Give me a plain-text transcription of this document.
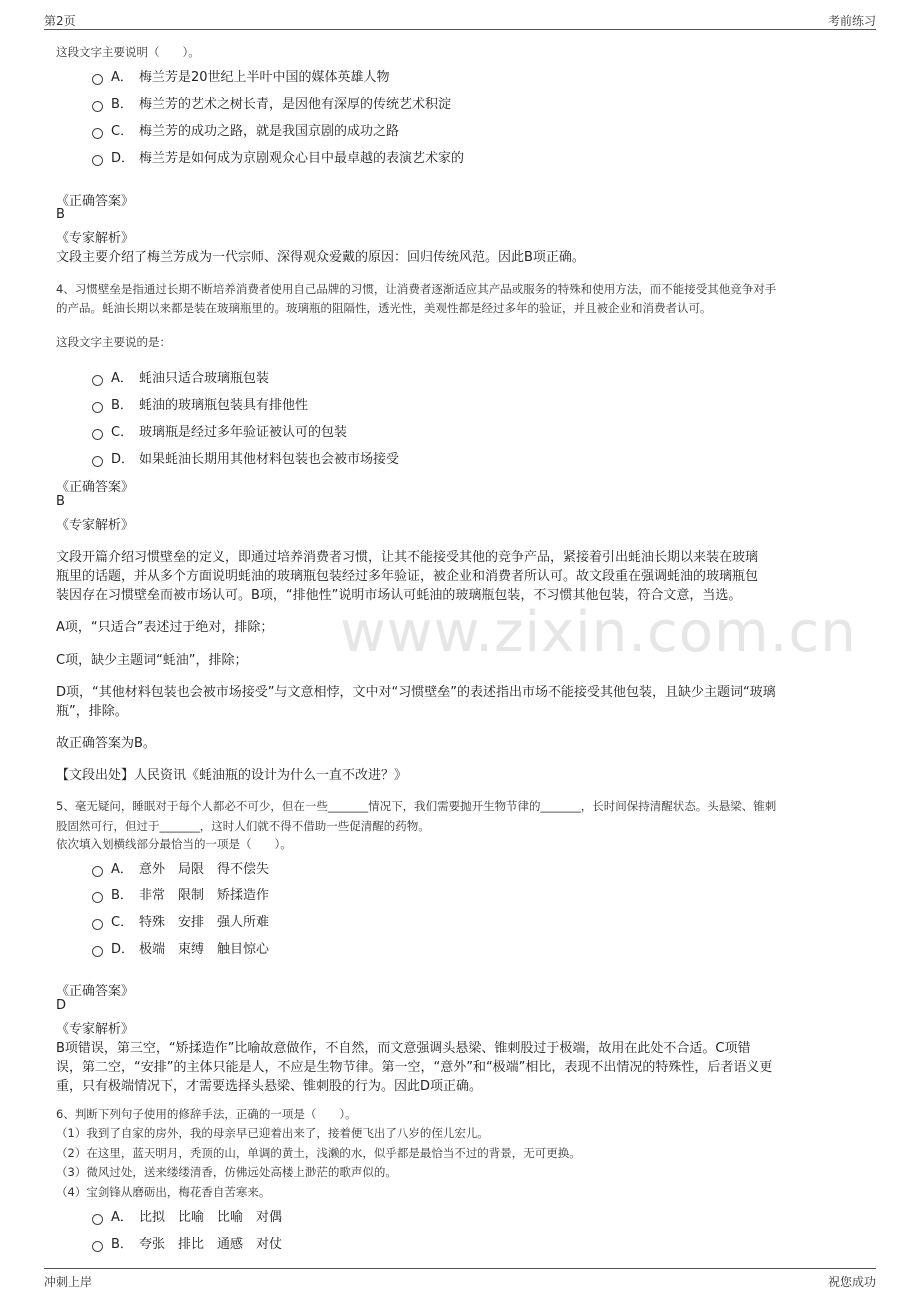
第2页	考前练习
www.zixin.com.cn
这段文字主要说明（　　）。
A． 梅兰芳是20世纪上半叶中国的媒体英雄人物
B． 梅兰芳的艺术之树长青，是因他有深厚的传统艺术积淀
C． 梅兰芳的成功之路，就是我国京剧的成功之路
D． 梅兰芳是如何成为京剧观众心目中最卓越的表演艺术家的
《正确答案》
B
《专家解析》
文段主要介绍了梅兰芳成为一代宗师、深得观众爱戴的原因：回归传统风范。因此B项正确。
4、习惯壁垒是指通过长期不断培养消费者使用自己品牌的习惯，让消费者逐渐适应其产品或服务的特殊和使用方法，而不能接受其他竞争对手
的产品。蚝油长期以来都是装在玻璃瓶里的。玻璃瓶的阻隔性，透光性，美观性都是经过多年的验证，并且被企业和消费者认可。
这段文字主要说的是：
A． 蚝油只适合玻璃瓶包装
B． 蚝油的玻璃瓶包装具有排他性
C． 玻璃瓶是经过多年验证被认可的包装
D． 如果蚝油长期用其他材料包装也会被市场接受
《正确答案》
B
《专家解析》
文段开篇介绍习惯壁垒的定义，即通过培养消费者习惯，让其不能接受其他的竞争产品，紧接着引出蚝油长期以来装在玻璃
瓶里的话题，并从多个方面说明蚝油的玻璃瓶包装经过多年验证，被企业和消费者所认可。故文段重在强调蚝油的玻璃瓶包
装因存在习惯壁垒而被市场认可。B项，“排他性”说明市场认可蚝油的玻璃瓶包装，不习惯其他包装，符合文意，当选。
A项，“只适合”表述过于绝对，排除；
C项，缺少主题词“蚝油”，排除；
D项，“其他材料包装也会被市场接受”与文意相悖，文中对“习惯壁垒”的表述指出市场不能接受其他包装，且缺少主题词“玻璃
瓶”，排除。
故正确答案为B。
【文段出处】人民资讯《蚝油瓶的设计为什么一直不改进？》
5、毫无疑问，睡眠对于每个人都必不可少，但在一些_______情况下，我们需要抛开生物节律的_______，长时间保持清醒状态。头悬梁、锥刺
股固然可行，但过于_______，这时人们就不得不借助一些促清醒的药物。
依次填入划横线部分最恰当的一项是（　　）。
A． 意外　局限　得不偿失
B． 非常　限制　矫揉造作
C． 特殊　安排　强人所难
D． 极端　束缚　触目惊心
《正确答案》
D
《专家解析》
B项错误，第三空，“矫揉造作”比喻故意做作，不自然，而文意强调头悬梁、锥刺股过于极端，故用在此处不合适。C项错
误，第二空，“安排”的主体只能是人，不应是生物节律。第一空，“意外”和“极端”相比，表现不出情况的特殊性，后者语义更
重，只有极端情况下，才需要选择头悬梁、锥刺股的行为。因此D项正确。
6、判断下列句子使用的修辞手法，正确的一项是（　　）。
（1）我到了自家的房外，我的母亲早已迎着出来了，接着便飞出了八岁的侄儿宏儿。
（2）在这里，蓝天明月，秃顶的山，单调的黄土，浅濑的水，似乎都是最恰当不过的背景，无可更换。
（3）微风过处，送来缕缕清香，仿佛远处高楼上渺茫的歌声似的。
（4）宝剑锋从磨砺出，梅花香自苦寒来。
A． 比拟　比喻　比喻　对偶
B． 夸张　排比　通感　对仗
冲刺上岸	祝您成功
